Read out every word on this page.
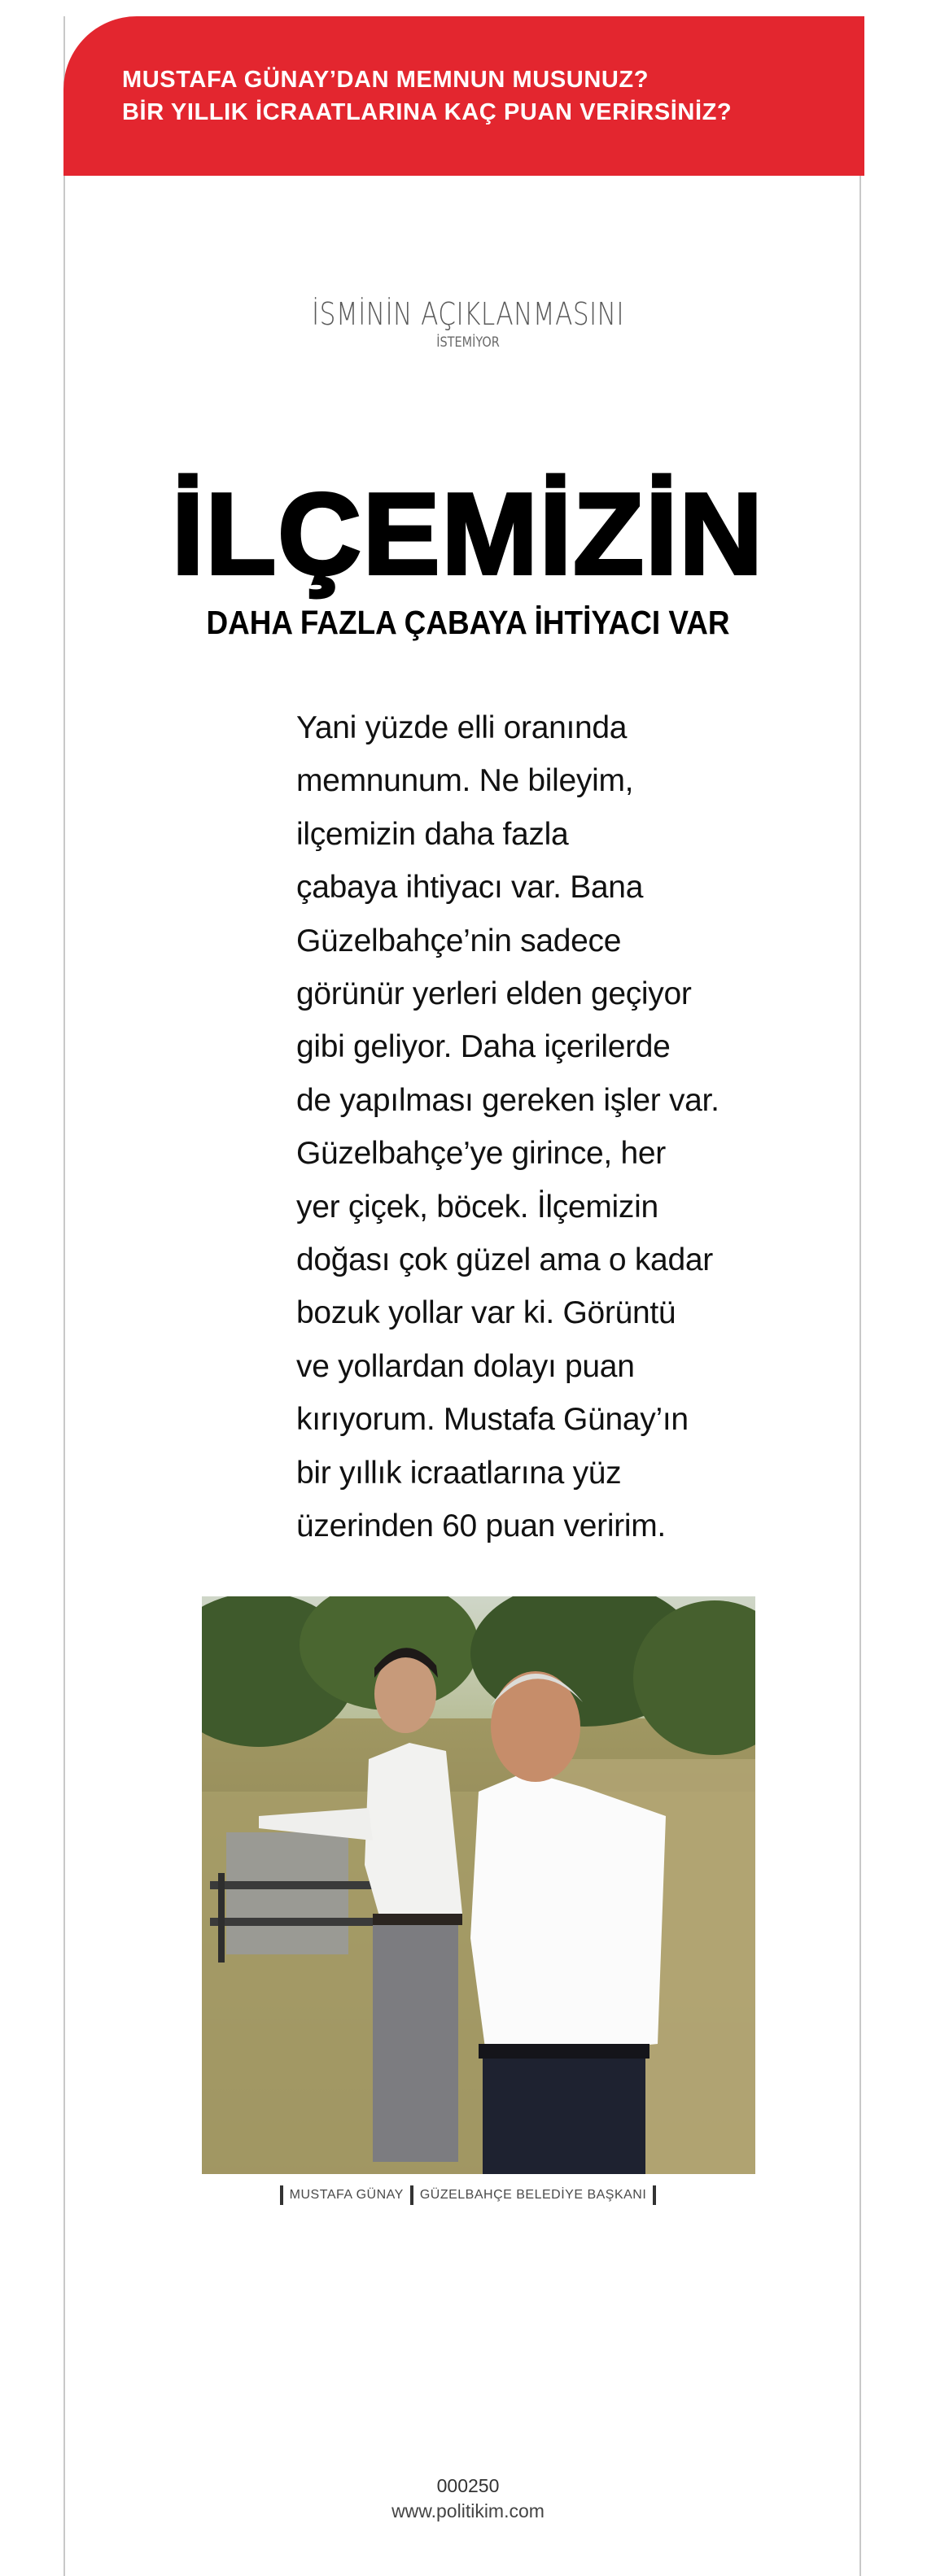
MUSTAFA GÜNAY’DAN MEMNUN MUSUNUZ?
BİR YILLIK İCRAATLARINA KAÇ PUAN VERİRSİNİZ?
İSMİNİN AÇIKLANMASINI
İSTEMİYOR
İLÇEMİZİN
DAHA FAZLA ÇABAYA İHTİYACI VAR
Yani yüzde elli oranında
memnunum. Ne bileyim,
ilçemizin daha fazla
çabaya ihtiyacı var. Bana
Güzelbahçe’nin sadece
görünür yerleri elden geçiyor
gibi geliyor. Daha içerilerde
de yapılması gereken işler var.
Güzelbahçe’ye girince, her
yer çiçek, böcek. İlçemizin
doğası çok güzel ama o kadar
bozuk yollar var ki. Görüntü
ve yollardan dolayı puan
kırıyorum. Mustafa Günay’ın
bir yıllık icraatlarına yüz
üzerinden 60 puan veririm.
MUSTAFA GÜNAY GÜZELBAHÇE BELEDİYE BAŞKANI
000250
www.politikim.com
